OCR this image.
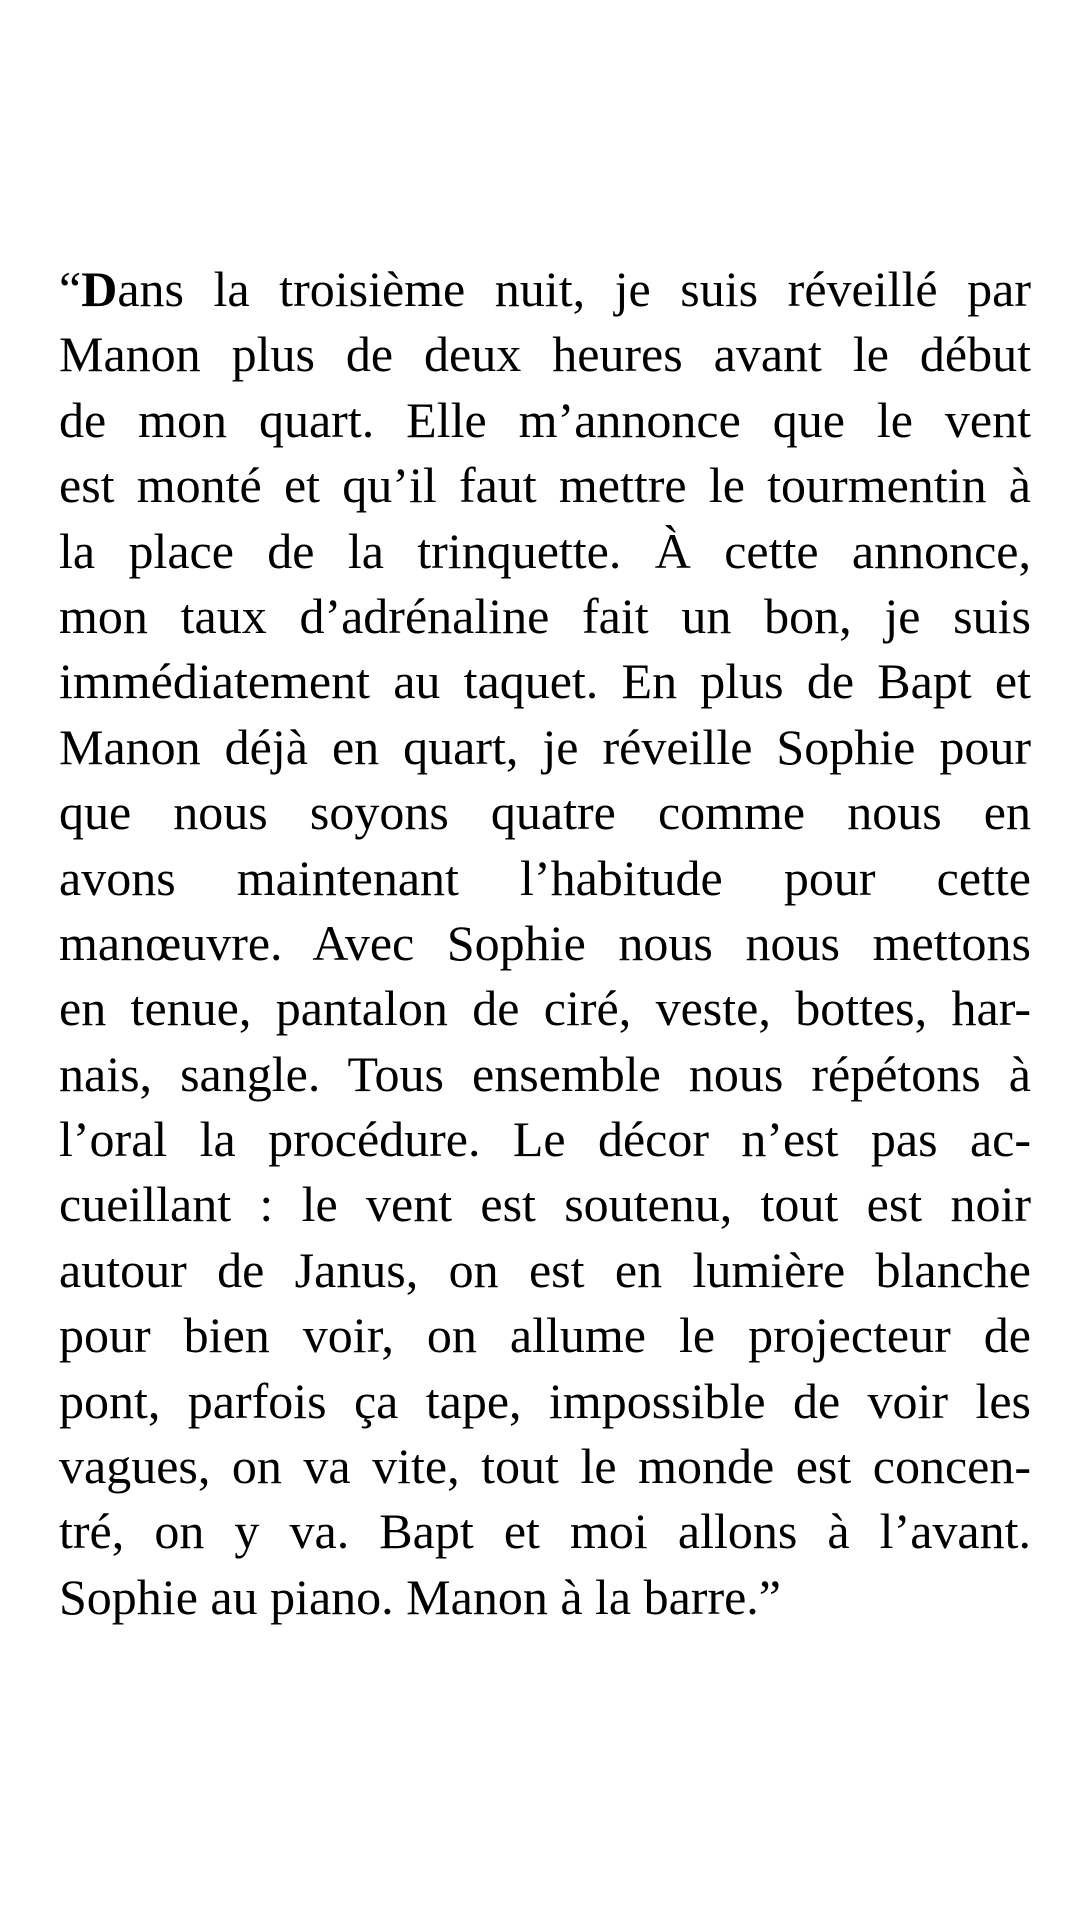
“Dans la troisième nuit, je suis réveillé par
Manon plus de deux heures avant le début
de mon quart. Elle m’annonce que le vent
est monté et qu’il faut mettre le tourmentin à
la place de la trinquette. À cette annonce,
mon taux d’adrénaline fait un bon, je suis
immédiatement au taquet. En plus de Bapt et
Manon déjà en quart, je réveille Sophie pour
que nous soyons quatre comme nous en
avons maintenant l’habitude pour cette
manœuvre. Avec Sophie nous nous mettons
en tenue, pantalon de ciré, veste, bottes, har-
nais, sangle. Tous ensemble nous répétons à
l’oral la procédure. Le décor n’est pas ac-
cueillant : le vent est soutenu, tout est noir
autour de Janus, on est en lumière blanche
pour bien voir, on allume le projecteur de
pont, parfois ça tape, impossible de voir les
vagues, on va vite, tout le monde est concen-
tré, on y va. Bapt et moi allons à l’avant.
Sophie au piano. Manon à la barre.”
